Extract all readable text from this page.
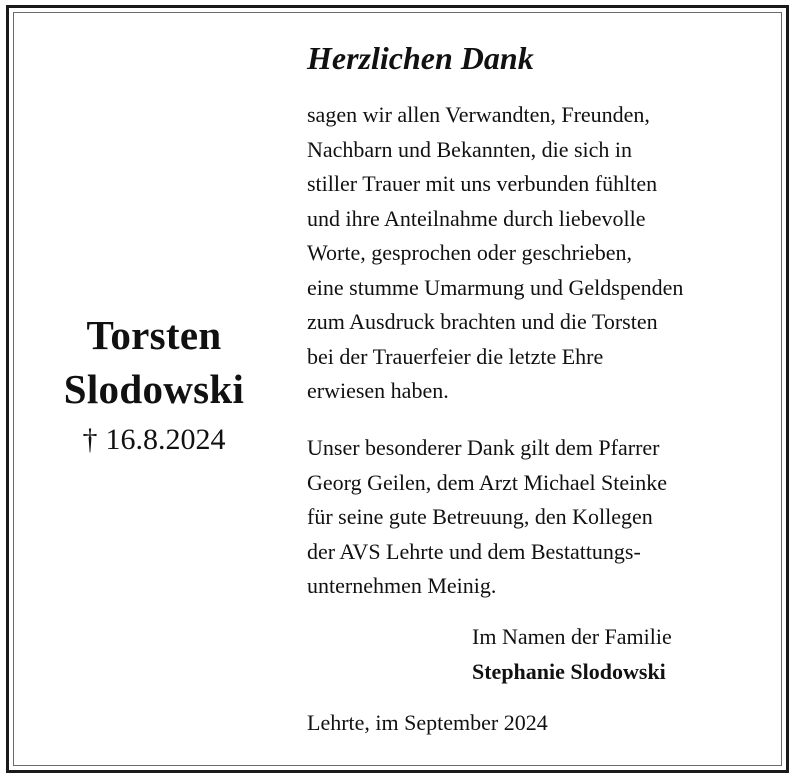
Torsten
Slodowski
† 16.8.2024
Herzlichen Dank
sagen wir allen Verwandten, Freunden,
Nachbarn und Bekannten, die sich in
stiller Trauer mit uns verbunden fühlten
und ihre Anteilnahme durch liebevolle
Worte, gesprochen oder geschrieben,
eine stumme Umarmung und Geldspenden
zum Ausdruck brachten und die Torsten
bei der Trauerfeier die letzte Ehre
erwiesen haben.
Unser besonderer Dank gilt dem Pfarrer
Georg Geilen, dem Arzt Michael Steinke
für seine gute Betreuung, den Kollegen
der AVS Lehrte und dem Bestattungs-
unternehmen Meinig.
Im Namen der Familie
Stephanie Slodowski
Lehrte, im September 2024
